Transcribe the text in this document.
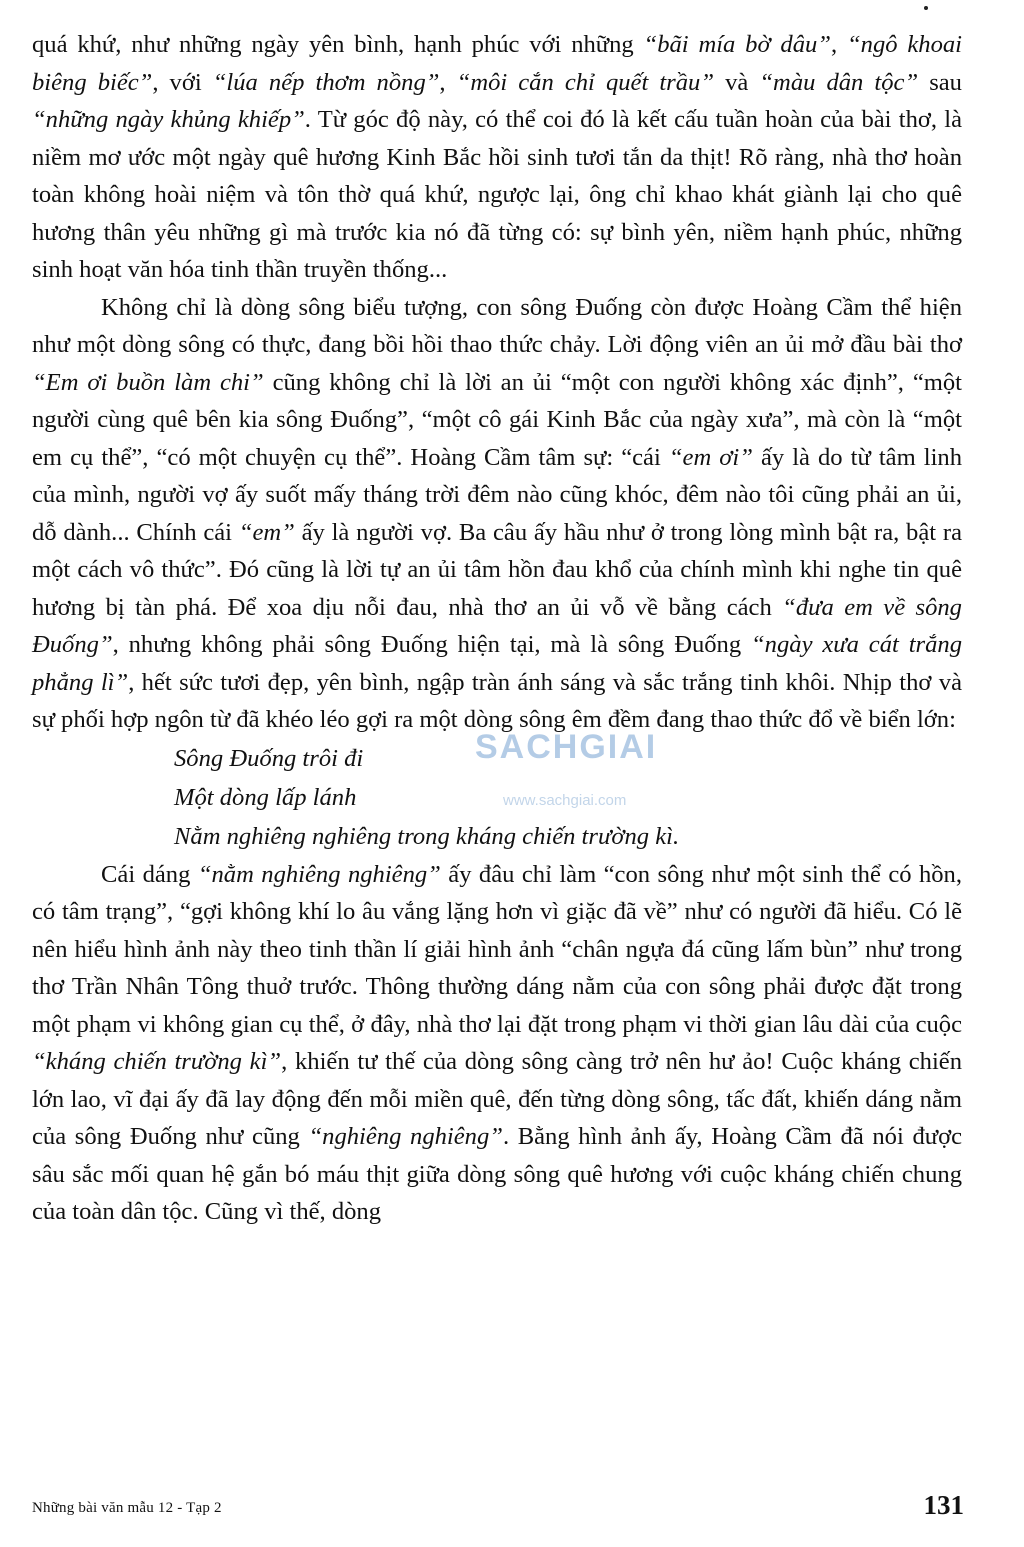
quá khứ, như những ngày yên bình, hạnh phúc với những “bãi mía bờ dâu”, “ngô khoai biêng biếc”, với “lúa nếp thơm nồng”, “môi cắn chỉ quết trầu” và “màu dân tộc” sau “những ngày khủng khiếp”. Từ góc độ này, có thể coi đó là kết cấu tuần hoàn của bài thơ, là niềm mơ ước một ngày quê hương Kinh Bắc hồi sinh tươi tắn da thịt! Rõ ràng, nhà thơ hoàn toàn không hoài niệm và tôn thờ quá khứ, ngược lại, ông chỉ khao khát giành lại cho quê hương thân yêu những gì mà trước kia nó đã từng có: sự bình yên, niềm hạnh phúc, những sinh hoạt văn hóa tinh thần truyền thống...

Không chỉ là dòng sông biểu tượng, con sông Đuống còn được Hoàng Cầm thể hiện như một dòng sông có thực, đang bồi hồi thao thức chảy. Lời động viên an ủi mở đầu bài thơ “Em ơi buồn làm chi” cũng không chỉ là lời an ủi “một con người không xác định”, “một người cùng quê bên kia sông Đuống”, “một cô gái Kinh Bắc của ngày xưa”, mà còn là “một em cụ thể”, “có một chuyện cụ thể”. Hoàng Cầm tâm sự: “cái “em ơi” ấy là do từ tâm linh của mình, người vợ ấy suốt mấy tháng trời đêm nào cũng khóc, đêm nào tôi cũng phải an ủi, dỗ dành... Chính cái “em” ấy là người vợ. Ba câu ấy hầu như ở trong lòng mình bật ra, bật ra một cách vô thức”. Đó cũng là lời tự an ủi tâm hồn đau khổ của chính mình khi nghe tin quê hương bị tàn phá. Để xoa dịu nỗi đau, nhà thơ an ủi vỗ về bằng cách “đưa em về sông Đuống”, nhưng không phải sông Đuống hiện tại, mà là sông Đuống “ngày xưa cát trắng phẳng lì”, hết sức tươi đẹp, yên bình, ngập tràn ánh sáng và sắc trắng tinh khôi. Nhịp thơ và sự phối hợp ngôn từ đã khéo léo gợi ra một dòng sông êm đềm đang thao thức đổ về biển lớn:

Sông Đuống trôi đi
Một dòng lấp lánh
Nằm nghiêng nghiêng trong kháng chiến trường kì.

Cái dáng “nằm nghiêng nghiêng” ấy đâu chỉ làm “con sông như một sinh thể có hồn, có tâm trạng”, “gợi không khí lo âu vắng lặng hơn vì giặc đã về” như có người đã hiểu. Có lẽ nên hiểu hình ảnh này theo tinh thần lí giải hình ảnh “chân ngựa đá cũng lấm bùn” như trong thơ Trần Nhân Tông thuở trước. Thông thường dáng nằm của con sông phải được đặt trong một phạm vi không gian cụ thể, ở đây, nhà thơ lại đặt trong phạm vi thời gian lâu dài của cuộc “kháng chiến trường kì”, khiến tư thế của dòng sông càng trở nên hư ảo! Cuộc kháng chiến lớn lao, vĩ đại ấy đã lay động đến mỗi miền quê, đến từng dòng sông, tấc đất, khiến dáng nằm của sông Đuống như cũng “nghiêng nghiêng”. Bằng hình ảnh ấy, Hoàng Cầm đã nói được sâu sắc mối quan hệ gắn bó máu thịt giữa dòng sông quê hương với cuộc kháng chiến chung của toàn dân tộc. Cũng vì thế, dòng

SACHGIAI
www.sachgiai.com
Những bài văn mẫu 12 - Tạp 2	131
